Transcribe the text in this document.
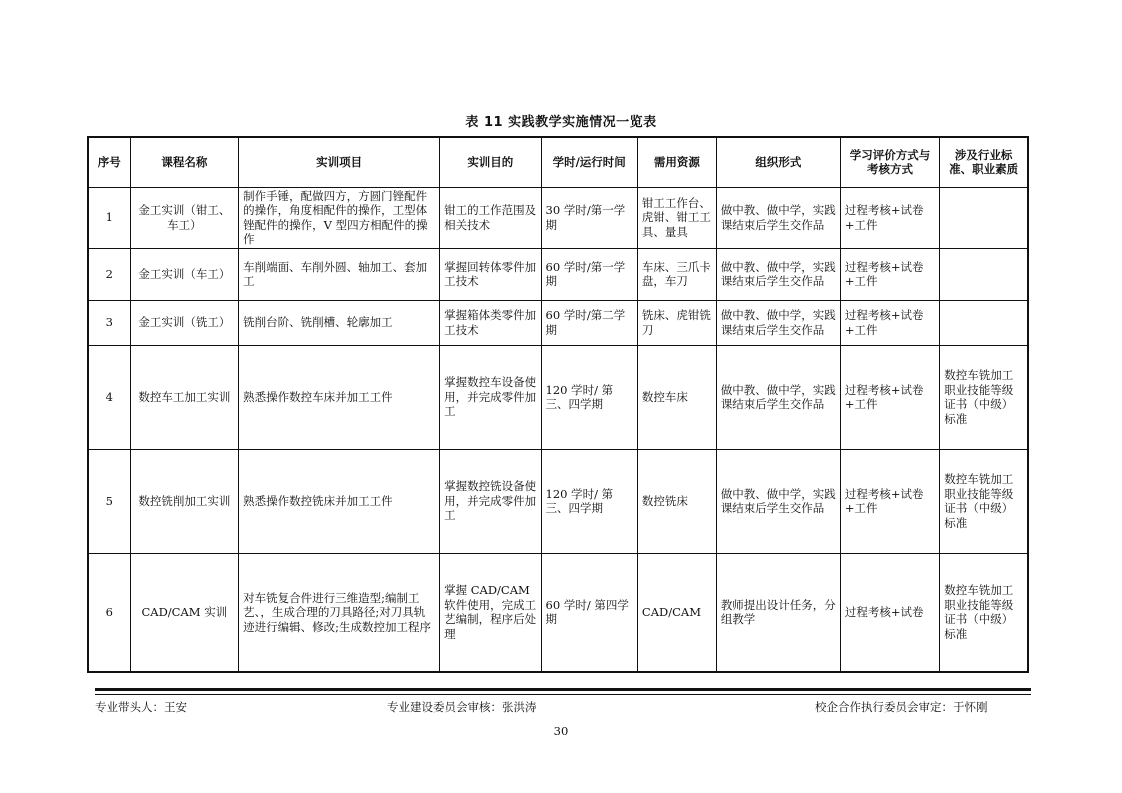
表 11 实践教学实施情况一览表
序号	课程名称	实训项目	实训目的	学时/运行时间	需用资源	组织形式	学习评价方式与考核方式	涉及行业标准、职业素质
1	金工实训（钳工、车工）	制作手锤，配做四方，方圆门锉配件的操作，角度相配件的操作，工型体锉配件的操作，V 型四方相配件的操作	钳工的工作范围及相关技术	30 学时/第一学期	钳工工作台、虎钳、钳工工具、量具	做中教、做中学，实践课结束后学生交作品	过程考核+试卷+工件	
2	金工实训（车工）	车削端面、车削外圆、轴加工、套加工	掌握回转体零件加工技术	60 学时/第一学期	车床、三爪卡盘，车刀	做中教、做中学，实践课结束后学生交作品	过程考核+试卷+工件	
3	金工实训（铣工）	铣削台阶、铣削槽、轮廓加工	掌握箱体类零件加工技术	60 学时/第二学期	铣床、虎钳铣刀	做中教、做中学，实践课结束后学生交作品	过程考核+试卷+工件	
4	数控车工加工实训	熟悉操作数控车床并加工工件	掌握数控车设备使用，并完成零件加工	120 学时/ 第三、四学期	数控车床	做中教、做中学，实践课结束后学生交作品	过程考核+试卷+工件	数控车铣加工职业技能等级证书（中级）标准
5	数控铣削加工实训	熟悉操作数控铣床并加工工件	掌握数控铣设备使用，并完成零件加工	120 学时/ 第三、四学期	数控铣床	做中教、做中学，实践课结束后学生交作品	过程考核+试卷+工件	数控车铣加工职业技能等级证书（中级）标准
6	CAD/CAM 实训	对车铣复合件进行三维造型;编制工艺、，生成合理的刀具路径;对刀具轨迹进行编辑、修改;生成数控加工程序	掌握 CAD/CAM 软件使用，完成工艺编制，程序后处理	60 学时/ 第四学期	CAD/CAM	教师提出设计任务，分组教学	过程考核+试卷	数控车铣加工职业技能等级证书（中级）标准
专业带头人：王安	专业建设委员会审核：张洪涛	校企合作执行委员会审定：于怀刚
30
